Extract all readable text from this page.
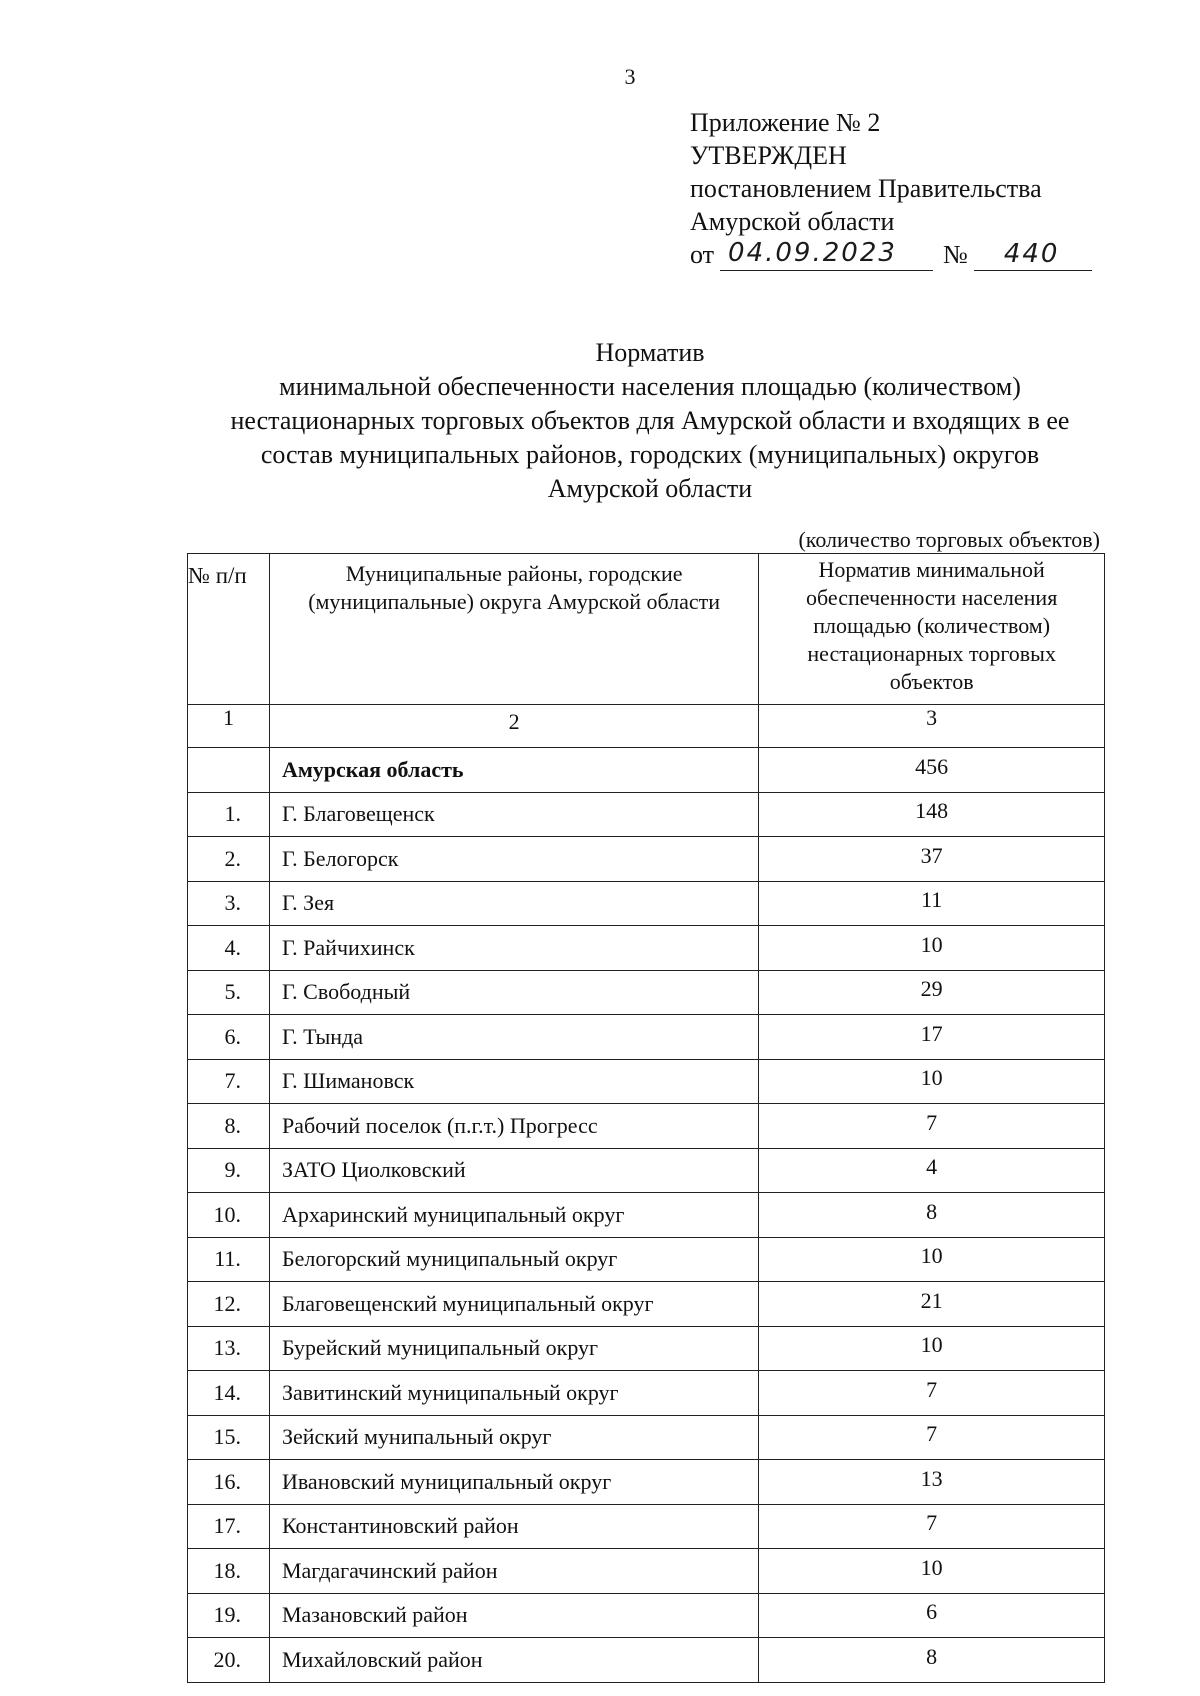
3
Приложение № 2
УТВЕРЖДЕН
постановлением Правительства
Амурской области
от 04.09.2023	№	440
Норматив
минимальной обеспеченности населения площадью (количеством)
нестационарных торговых объектов для Амурской области и входящих в ее
состав муниципальных районов, городских (муниципальных) округов
Амурской области
(количество торговых объектов)
№ п/п	Муниципальные районы, городские (муниципальные) округа Амурской области	Норматив минимальной обеспеченности населения площадью (количеством) нестационарных торговых объектов
1	2	3
	Амурская область	456
1.	Г. Благовещенск	148
2.	Г. Белогорск	37
3.	Г. Зея	11
4.	Г. Райчихинск	10
5.	Г. Свободный	29
6.	Г. Тында	17
7.	Г. Шимановск	10
8.	Рабочий поселок (п.г.т.) Прогресс	7
9.	ЗАТО Циолковский	4
10.	Архаринский муниципальный округ	8
11.	Белогорский муниципальный округ	10
12.	Благовещенский муниципальный округ	21
13.	Бурейский муниципальный округ	10
14.	Завитинский муниципальный округ	7
15.	Зейский мунипальный округ	7
16.	Ивановский муниципальный округ	13
17.	Константиновский район	7
18.	Магдагачинский район	10
19.	Мазановский район	6
20.	Михайловский район	8
